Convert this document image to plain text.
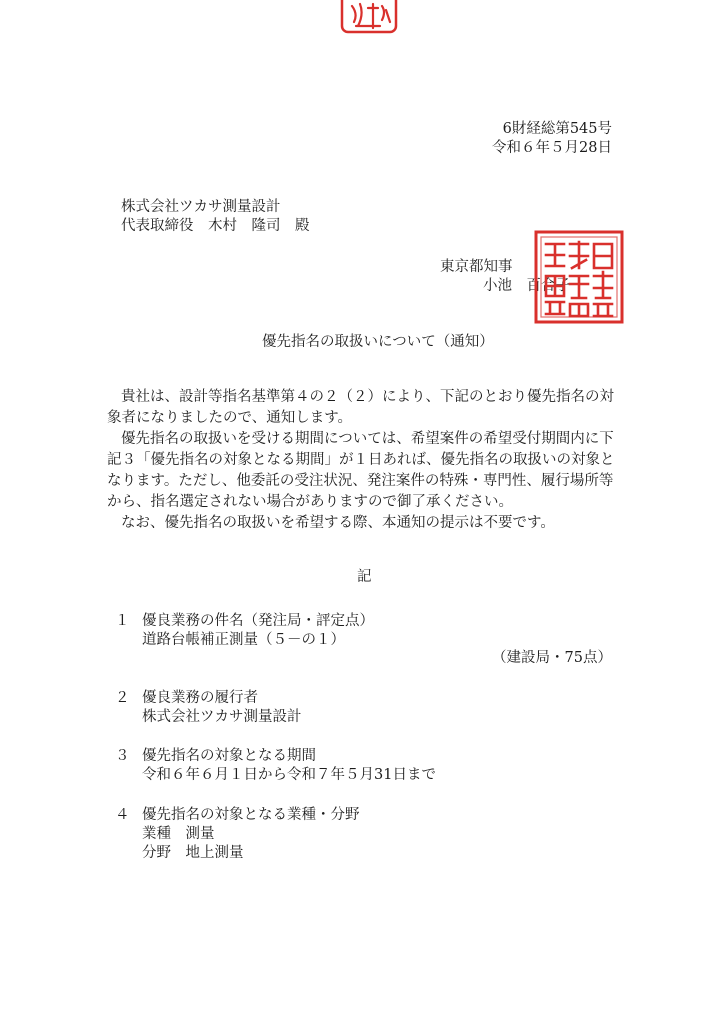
6財経総第545号
令和６年５月28日
株式会社ツカサ測量設計
代表取締役　木村　隆司　殿
東京都知事
小池　百合子
優先指名の取扱いについて（通知）
貴社は、設計等指名基準第４の２（２）により、下記のとおり優先指名の対
象者になりましたので、通知します。
優先指名の取扱いを受ける期間については、希望案件の希望受付期間内に下
記３「優先指名の対象となる期間」が１日あれば、優先指名の取扱いの対象と
なります。ただし、他委託の受注状況、発注案件の特殊・専門性、履行場所等
から、指名選定されない場合がありますので御了承ください。
なお、優先指名の取扱いを希望する際、本通知の提示は不要です。
記
１ 優良業務の件名（発注局・評定点）
道路台帳補正測量（５－の１）
（建設局・75点）
２ 優良業務の履行者
株式会社ツカサ測量設計
３ 優先指名の対象となる期間
令和６年６月１日から令和７年５月31日まで
４ 優先指名の対象となる業種・分野
業種　測量
分野　地上測量
